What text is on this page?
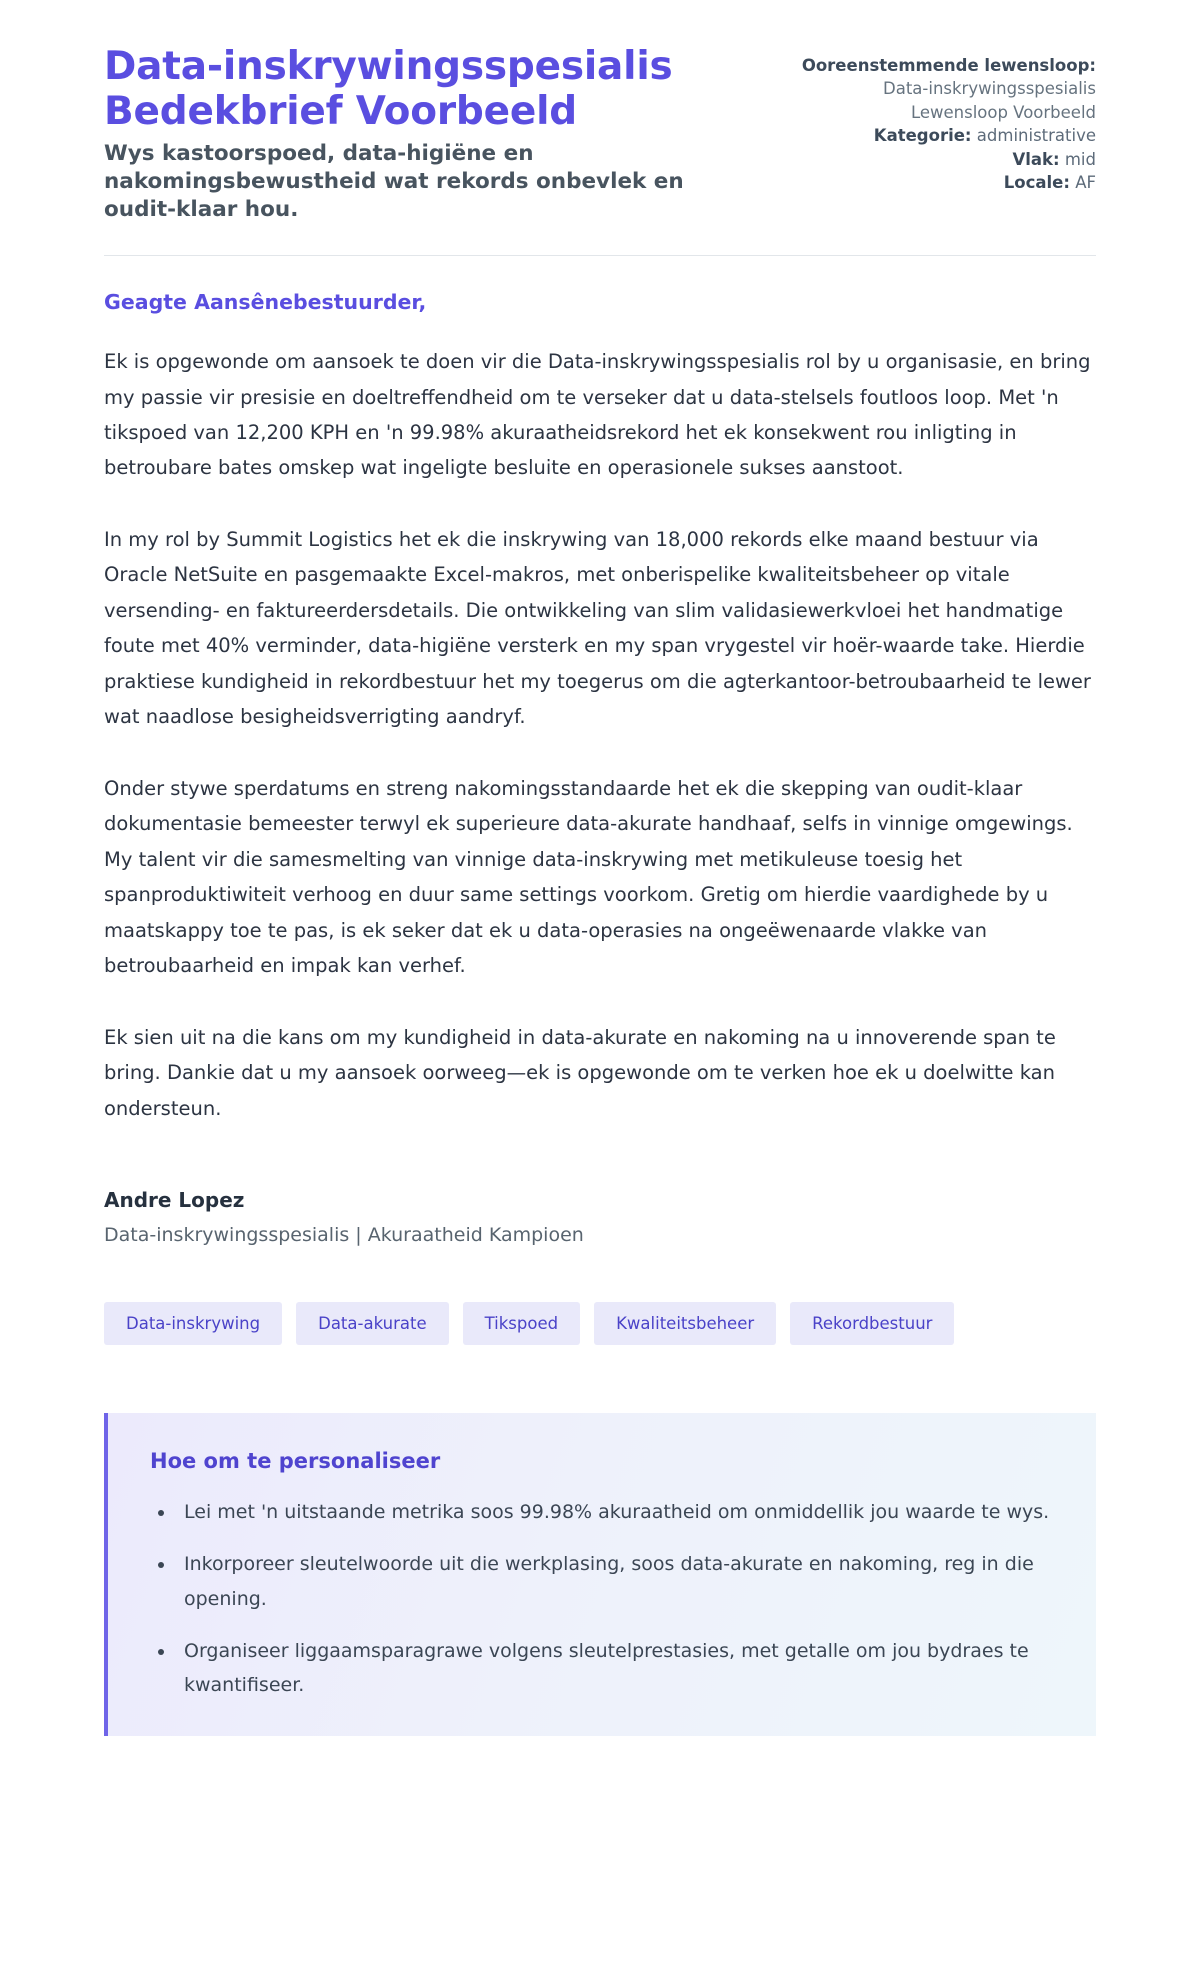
Data-inskrywingsspesialis Bedekbrief Voorbeeld

Wys kastoorspoed, data-higiëne en nakomingsbewustheid wat rekords onbevlek en oudit-klaar hou.

Ooreenstemmende lewensloop:
Data-inskrywingsspesialis
Lewensloop Voorbeeld
Kategorie: administrative
Vlak: mid
Locale: AF

Geagte Aansênebestuurder,

Ek is opgewonde om aansoek te doen vir die Data-inskrywingsspesialis rol by u organisasie, en bring my passie vir presisie en doeltreffendheid om te verseker dat u data-stelsels foutloos loop. Met 'n tikspoed van 12,200 KPH en 'n 99.98% akuraatheidsrekord het ek konsekwent rou inligting in betroubare bates omskep wat ingeligte besluite en operasionele sukses aanstoot.

In my rol by Summit Logistics het ek die inskrywing van 18,000 rekords elke maand bestuur via Oracle NetSuite en pasgemaakte Excel-makros, met onberispelike kwaliteitsbeheer op vitale versending- en faktureerdersdetails. Die ontwikkeling van slim validasiewerkvloei het handmatige foute met 40% verminder, data-higiëne versterk en my span vrygestel vir hoër-waarde take. Hierdie praktiese kundigheid in rekordbestuur het my toegerus om die agterkantoor-betroubaarheid te lewer wat naadlose besigheidsverrigting aandryf.

Onder stywe sperdatums en streng nakomingsstandaarde het ek die skepping van oudit-klaar dokumentasie bemeester terwyl ek superieure data-akurate handhaaf, selfs in vinnige omgewings. My talent vir die samesmelting van vinnige data-inskrywing met metikuleuse toesig het spanproduktiwiteit verhoog en duur same settings voorkom. Gretig om hierdie vaardighede by u maatskappy toe te pas, is ek seker dat ek u data-operasies na ongeëwenaarde vlakke van betroubaarheid en impak kan verhef.

Ek sien uit na die kans om my kundigheid in data-akurate en nakoming na u innoverende span te bring. Dankie dat u my aansoek oorweeg—ek is opgewonde om te verken hoe ek u doelwitte kan ondersteun.

Andre Lopez

Data-inskrywingsspesialis | Akuraatheid Kampioen

Data-inskrywing	Data-akurate	Tikspoed	Kwaliteitsbeheer	Rekordbestuur
Hoe om te personaliseer
• Lei met 'n uitstaande metrika soos 99.98% akuraatheid om onmiddellik jou waarde te wys.
• Inkorporeer sleutelwoorde uit die werkplasing, soos data-akurate en nakoming, reg in die opening.
• Organiseer liggaamsparagrawe volgens sleutelprestasies, met getalle om jou bydraes te kwantifiseer.
